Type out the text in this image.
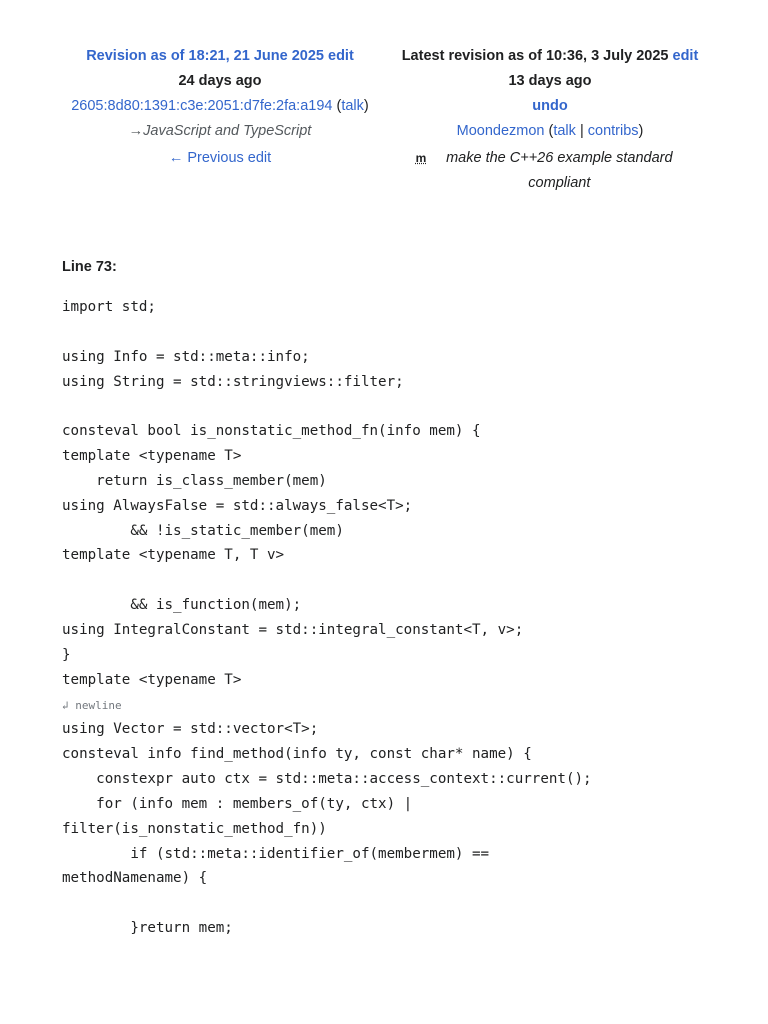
Revision as of 18:21, 21 June 2025 edit
24 days ago
2605:8d80:1391:c3e:2051:d7fe:2fa:a194 (talk)
→JavaScript and TypeScript
← Previous edit
Latest revision as of 10:36, 3 July 2025 edit
13 days ago
undo
Moondezmon (talk | contribs)
m make the C++26 example standard compliant
Line 73:
import std;
using Info = std::meta::info;
using String = std::stringviews::filter;
consteval bool is_nonstatic_method_fn(info mem) {
template <typename T>
return is_class_member(mem)
using AlwaysFalse = std::always_false<T>;
&& !is_static_member(mem)
template <typename T, T v>
&& is_function(mem);
using IntegralConstant = std::integral_constant<T, v>;
}
template <typename T>
↲ newline
using Vector = std::vector<T>;
consteval info find_method(info ty, const char* name) {
constexpr auto ctx = std::meta::access_context::current();
for (info mem : members_of(ty, ctx) |
filter(is_nonstatic_method_fn))
if (std::meta::identifier_of(membermem) ==
methodNamename) {
}return mem;
